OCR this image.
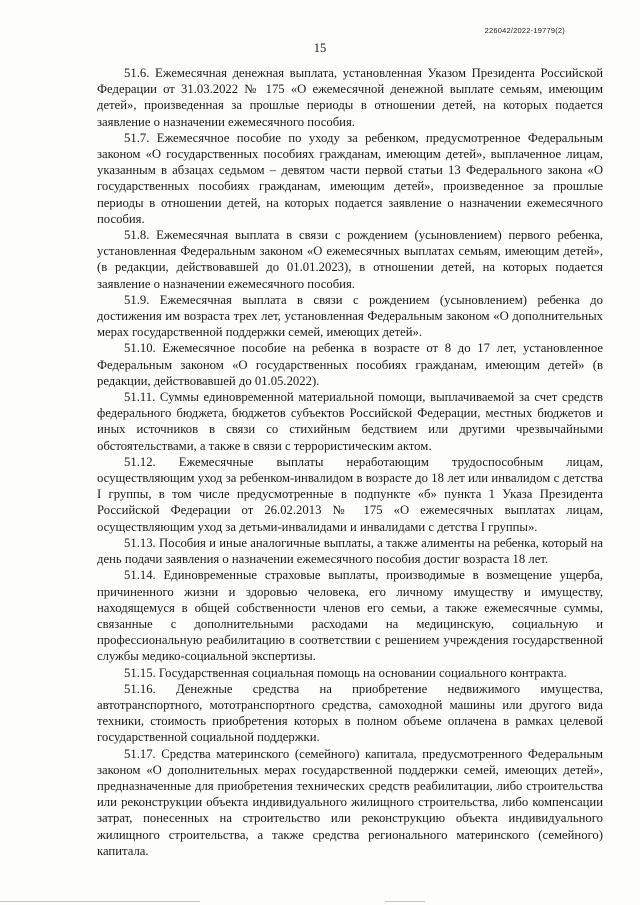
226042/2022-19779(2)
15

51.6. Ежемесячная денежная выплата, установленная Указом Президента Российской Федерации от 31.03.2022 № 175 «О ежемесячной денежной выплате семьям, имеющим детей», произведенная за прошлые периоды в отношении детей, на которых подается заявление о назначении ежемесячного пособия.

51.7. Ежемесячное пособие по уходу за ребенком, предусмотренное Федеральным законом «О государственных пособиях гражданам, имеющим детей», выплаченное лицам, указанным в абзацах седьмом – девятом части первой статьи 13 Федерального закона «О государственных пособиях гражданам, имеющим детей», произведенное за прошлые периоды в отношении детей, на которых подается заявление о назначении ежемесячного пособия.

51.8. Ежемесячная выплата в связи с рождением (усыновлением) первого ребенка, установленная Федеральным законом «О ежемесячных выплатах семьям, имеющим детей», (в редакции, действовавшей до 01.01.2023), в отношении детей, на которых подается заявление о назначении ежемесячного пособия.

51.9. Ежемесячная выплата в связи с рождением (усыновлением) ребенка до достижения им возраста трех лет, установленная Федеральным законом «О дополнительных мерах государственной поддержки семей, имеющих детей».

51.10. Ежемесячное пособие на ребенка в возрасте от 8 до 17 лет, установленное Федеральным законом «О государственных пособиях гражданам, имеющим детей» (в редакции, действовавшей до 01.05.2022).

51.11. Суммы единовременной материальной помощи, выплачиваемой за счет средств федерального бюджета, бюджетов субъектов Российской Федерации, местных бюджетов и иных источников в связи со стихийным бедствием или другими чрезвычайными обстоятельствами, а также в связи с террористическим актом.

51.12. Ежемесячные выплаты неработающим трудоспособным лицам, осуществляющим уход за ребенком-инвалидом в возрасте до 18 лет или инвалидом с детства I группы, в том числе предусмотренные в подпункте «б» пункта 1 Указа Президента Российской Федерации от 26.02.2013 № 175 «О ежемесячных выплатах лицам, осуществляющим уход за детьми-инвалидами и инвалидами с детства I группы».

51.13. Пособия и иные аналогичные выплаты, а также алименты на ребенка, который на день подачи заявления о назначении ежемесячного пособия достиг возраста 18 лет.

51.14. Единовременные страховые выплаты, производимые в возмещение ущерба, причиненного жизни и здоровью человека, его личному имуществу и имуществу, находящемуся в общей собственности членов его семьи, а также ежемесячные суммы, связанные с дополнительными расходами на медицинскую, социальную и профессиональную реабилитацию в соответствии с решением учреждения государственной службы медико-социальной экспертизы.

51.15. Государственная социальная помощь на основании социального контракта.

51.16. Денежные средства на приобретение недвижимого имущества, автотранспортного, мототранспортного средства, самоходной машины или другого вида техники, стоимость приобретения которых в полном объеме оплачена в рамках целевой государственной социальной поддержки.

51.17. Средства материнского (семейного) капитала, предусмотренного Федеральным законом «О дополнительных мерах государственной поддержки семей, имеющих детей», предназначенные для приобретения технических средств реабилитации, либо строительства или реконструкции объекта индивидуального жилищного строительства, либо компенсации затрат, понесенных на строительство или реконструкцию объекта индивидуального жилищного строительства, а также средства регионального материнского (семейного) капитала.
